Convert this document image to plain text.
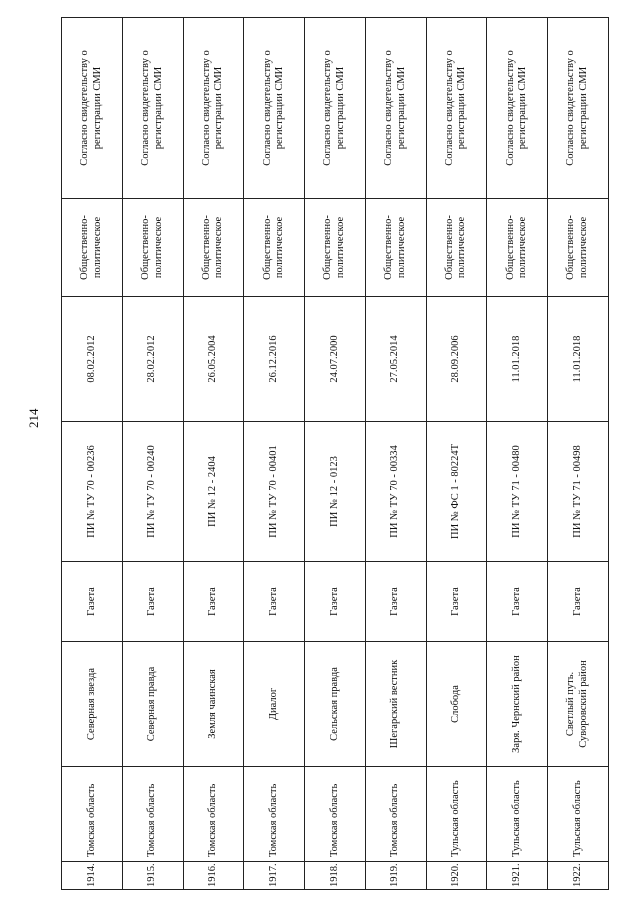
214
1914.	Томская область	Северная звезда	Газета	ПИ № ТУ 70 - 00236	08.02.2012	Общественно-политическое	Согласно свидетельству о регистрации СМИ
1915.	Томская область	Северная правда	Газета	ПИ № ТУ 70 - 00240	28.02.2012	Общественно-политическое	Согласно свидетельству о регистрации СМИ
1916.	Томская область	Земля чаинская	Газета	ПИ № 12 - 2404	26.05.2004	Общественно-политическое	Согласно свидетельству о регистрации СМИ
1917.	Томская область	Диалог	Газета	ПИ № ТУ 70 - 00401	26.12.2016	Общественно-политическое	Согласно свидетельству о регистрации СМИ
1918.	Томская область	Сельская правда	Газета	ПИ № 12 - 0123	24.07.2000	Общественно-политическое	Согласно свидетельству о регистрации СМИ
1919.	Томская область	Шегарский вестник	Газета	ПИ № ТУ 70 - 00334	27.05.2014	Общественно-политическое	Согласно свидетельству о регистрации СМИ
1920.	Тульская область	Слобода	Газета	ПИ № ФС 1 - 80224Т	28.09.2006	Общественно-политическое	Согласно свидетельству о регистрации СМИ
1921.	Тульская область	Заря. Чернский район	Газета	ПИ № ТУ 71 - 00480	11.01.2018	Общественно-политическое	Согласно свидетельству о регистрации СМИ
1922.	Тульская область	Светлый путь. Суворовский район	Газета	ПИ № ТУ 71 - 00498	11.01.2018	Общественно-политическое	Согласно свидетельству о регистрации СМИ
